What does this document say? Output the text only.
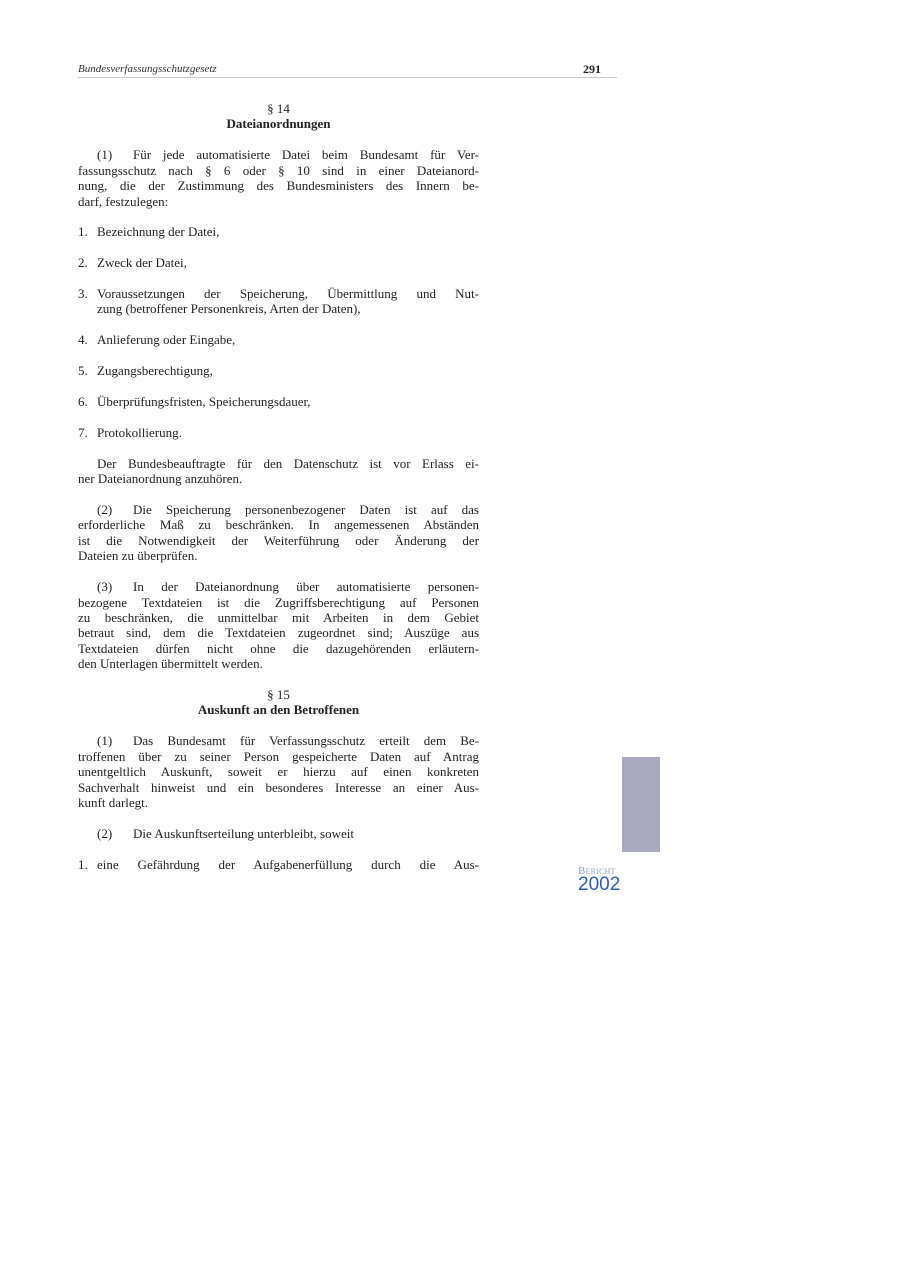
Bundesverfassungsschutzgesetz	291
§ 14
Dateianordnungen
(1)	Für jede automatisierte Datei beim Bundesamt für Ver-
fassungsschutz nach § 6 oder § 10 sind in einer Dateianord-
nung, die der Zustimmung des Bundesministers des Innern be-
darf, festzulegen:
1. Bezeichnung der Datei,
2. Zweck der Datei,
3. Voraussetzungen der Speicherung, Übermittlung und Nut-
zung (betroffener Personenkreis, Arten der Daten),
4. Anlieferung oder Eingabe,
5. Zugangsberechtigung,
6. Überprüfungsfristen, Speicherungsdauer,
7. Protokollierung.
Der Bundesbeauftragte für den Datenschutz ist vor Erlass ei-
ner Dateianordnung anzuhören.
(2)	Die Speicherung personenbezogener Daten ist auf das
erforderliche Maß zu beschränken. In angemessenen Abständen
ist die Notwendigkeit der Weiterführung oder Änderung der
Dateien zu überprüfen.
(3)	In der Dateianordnung über automatisierte personen-
bezogene Textdateien ist die Zugriffsberechtigung auf Personen
zu beschränken, die unmittelbar mit Arbeiten in dem Gebiet
betraut sind, dem die Textdateien zugeordnet sind; Auszüge aus
Textdateien dürfen nicht ohne die dazugehörenden erläutern-
den Unterlagen übermittelt werden.
§ 15
Auskunft an den Betroffenen
(1)	Das Bundesamt für Verfassungsschutz erteilt dem Be-
troffenen über zu seiner Person gespeicherte Daten auf Antrag
unentgeltlich Auskunft, soweit er hierzu auf einen konkreten
Sachverhalt hinweist und ein besonderes Interesse an einer Aus-
kunft darlegt.
(2)	Die Auskunftserteilung unterbleibt, soweit
1. eine Gefährdung der Aufgabenerfüllung durch die Aus-	Bericht
2002
